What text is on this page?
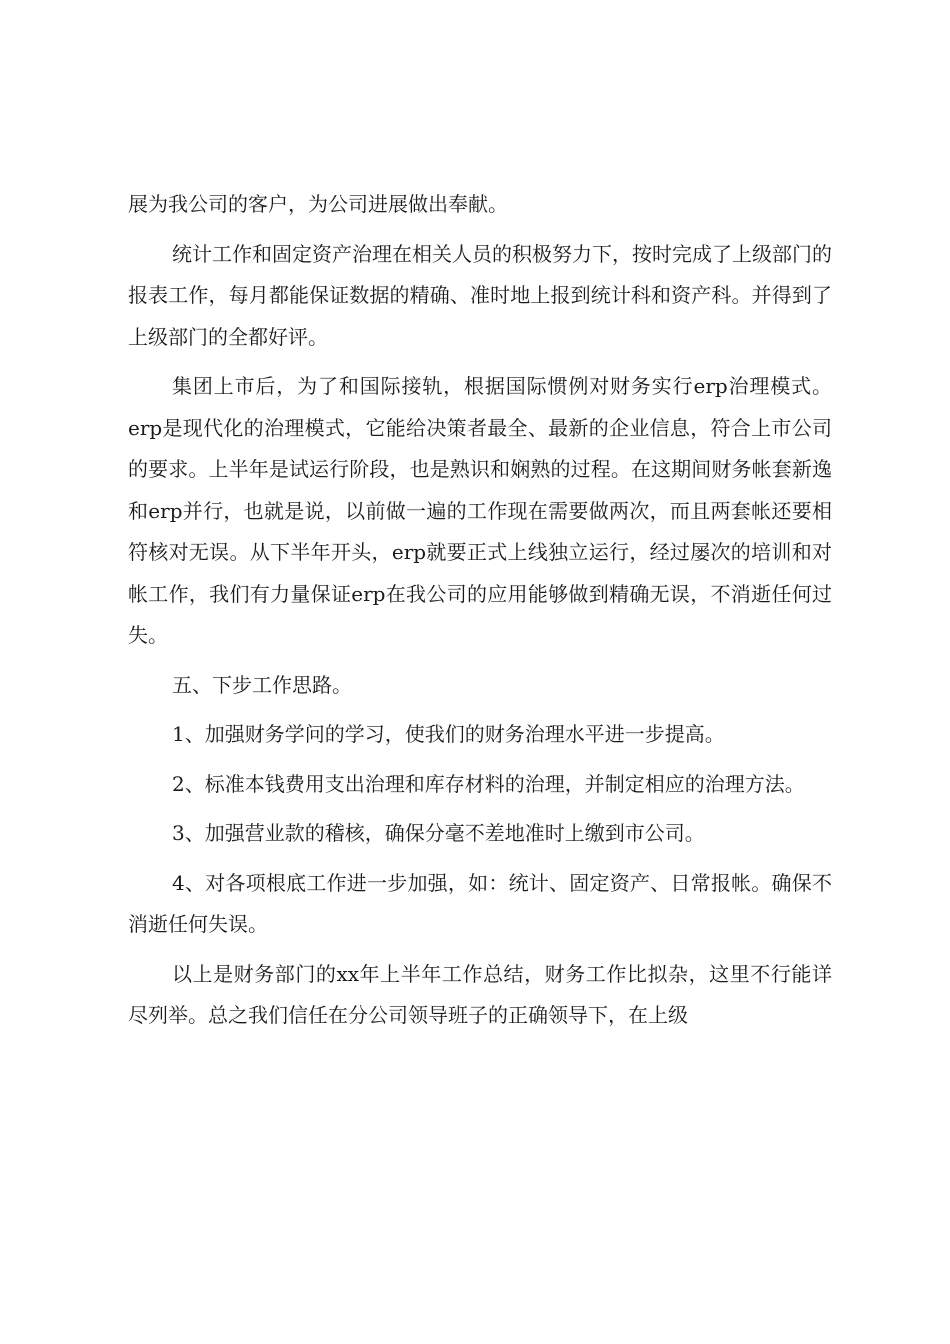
展为我公司的客户，为公司进展做出奉献。

统计工作和固定资产治理在相关人员的积极努力下，按时完成了上级部门的报表工作，每月都能保证数据的精确、准时地上报到统计科和资产科。并得到了上级部门的全都好评。

集团上市后，为了和国际接轨，根据国际惯例对财务实行erp治理模式。erp是现代化的治理模式，它能给决策者最全、最新的企业信息，符合上市公司的要求。上半年是试运行阶段，也是熟识和娴熟的过程。在这期间财务帐套新逸和erp并行，也就是说，以前做一遍的工作现在需要做两次，而且两套帐还要相符核对无误。从下半年开头，erp就要正式上线独立运行，经过屡次的培训和对帐工作，我们有力量保证erp在我公司的应用能够做到精确无误，不消逝任何过失。

五、下步工作思路。

1、加强财务学问的学习，使我们的财务治理水平进一步提高。

2、标准本钱费用支出治理和库存材料的治理，并制定相应的治理方法。

3、加强营业款的稽核，确保分毫不差地准时上缴到市公司。

4、对各项根底工作进一步加强，如：统计、固定资产、日常报帐。确保不消逝任何失误。

以上是财务部门的xx年上半年工作总结，财务工作比拟杂，这里不行能详尽列举。总之我们信任在分公司领导班子的正确领导下，在上级
